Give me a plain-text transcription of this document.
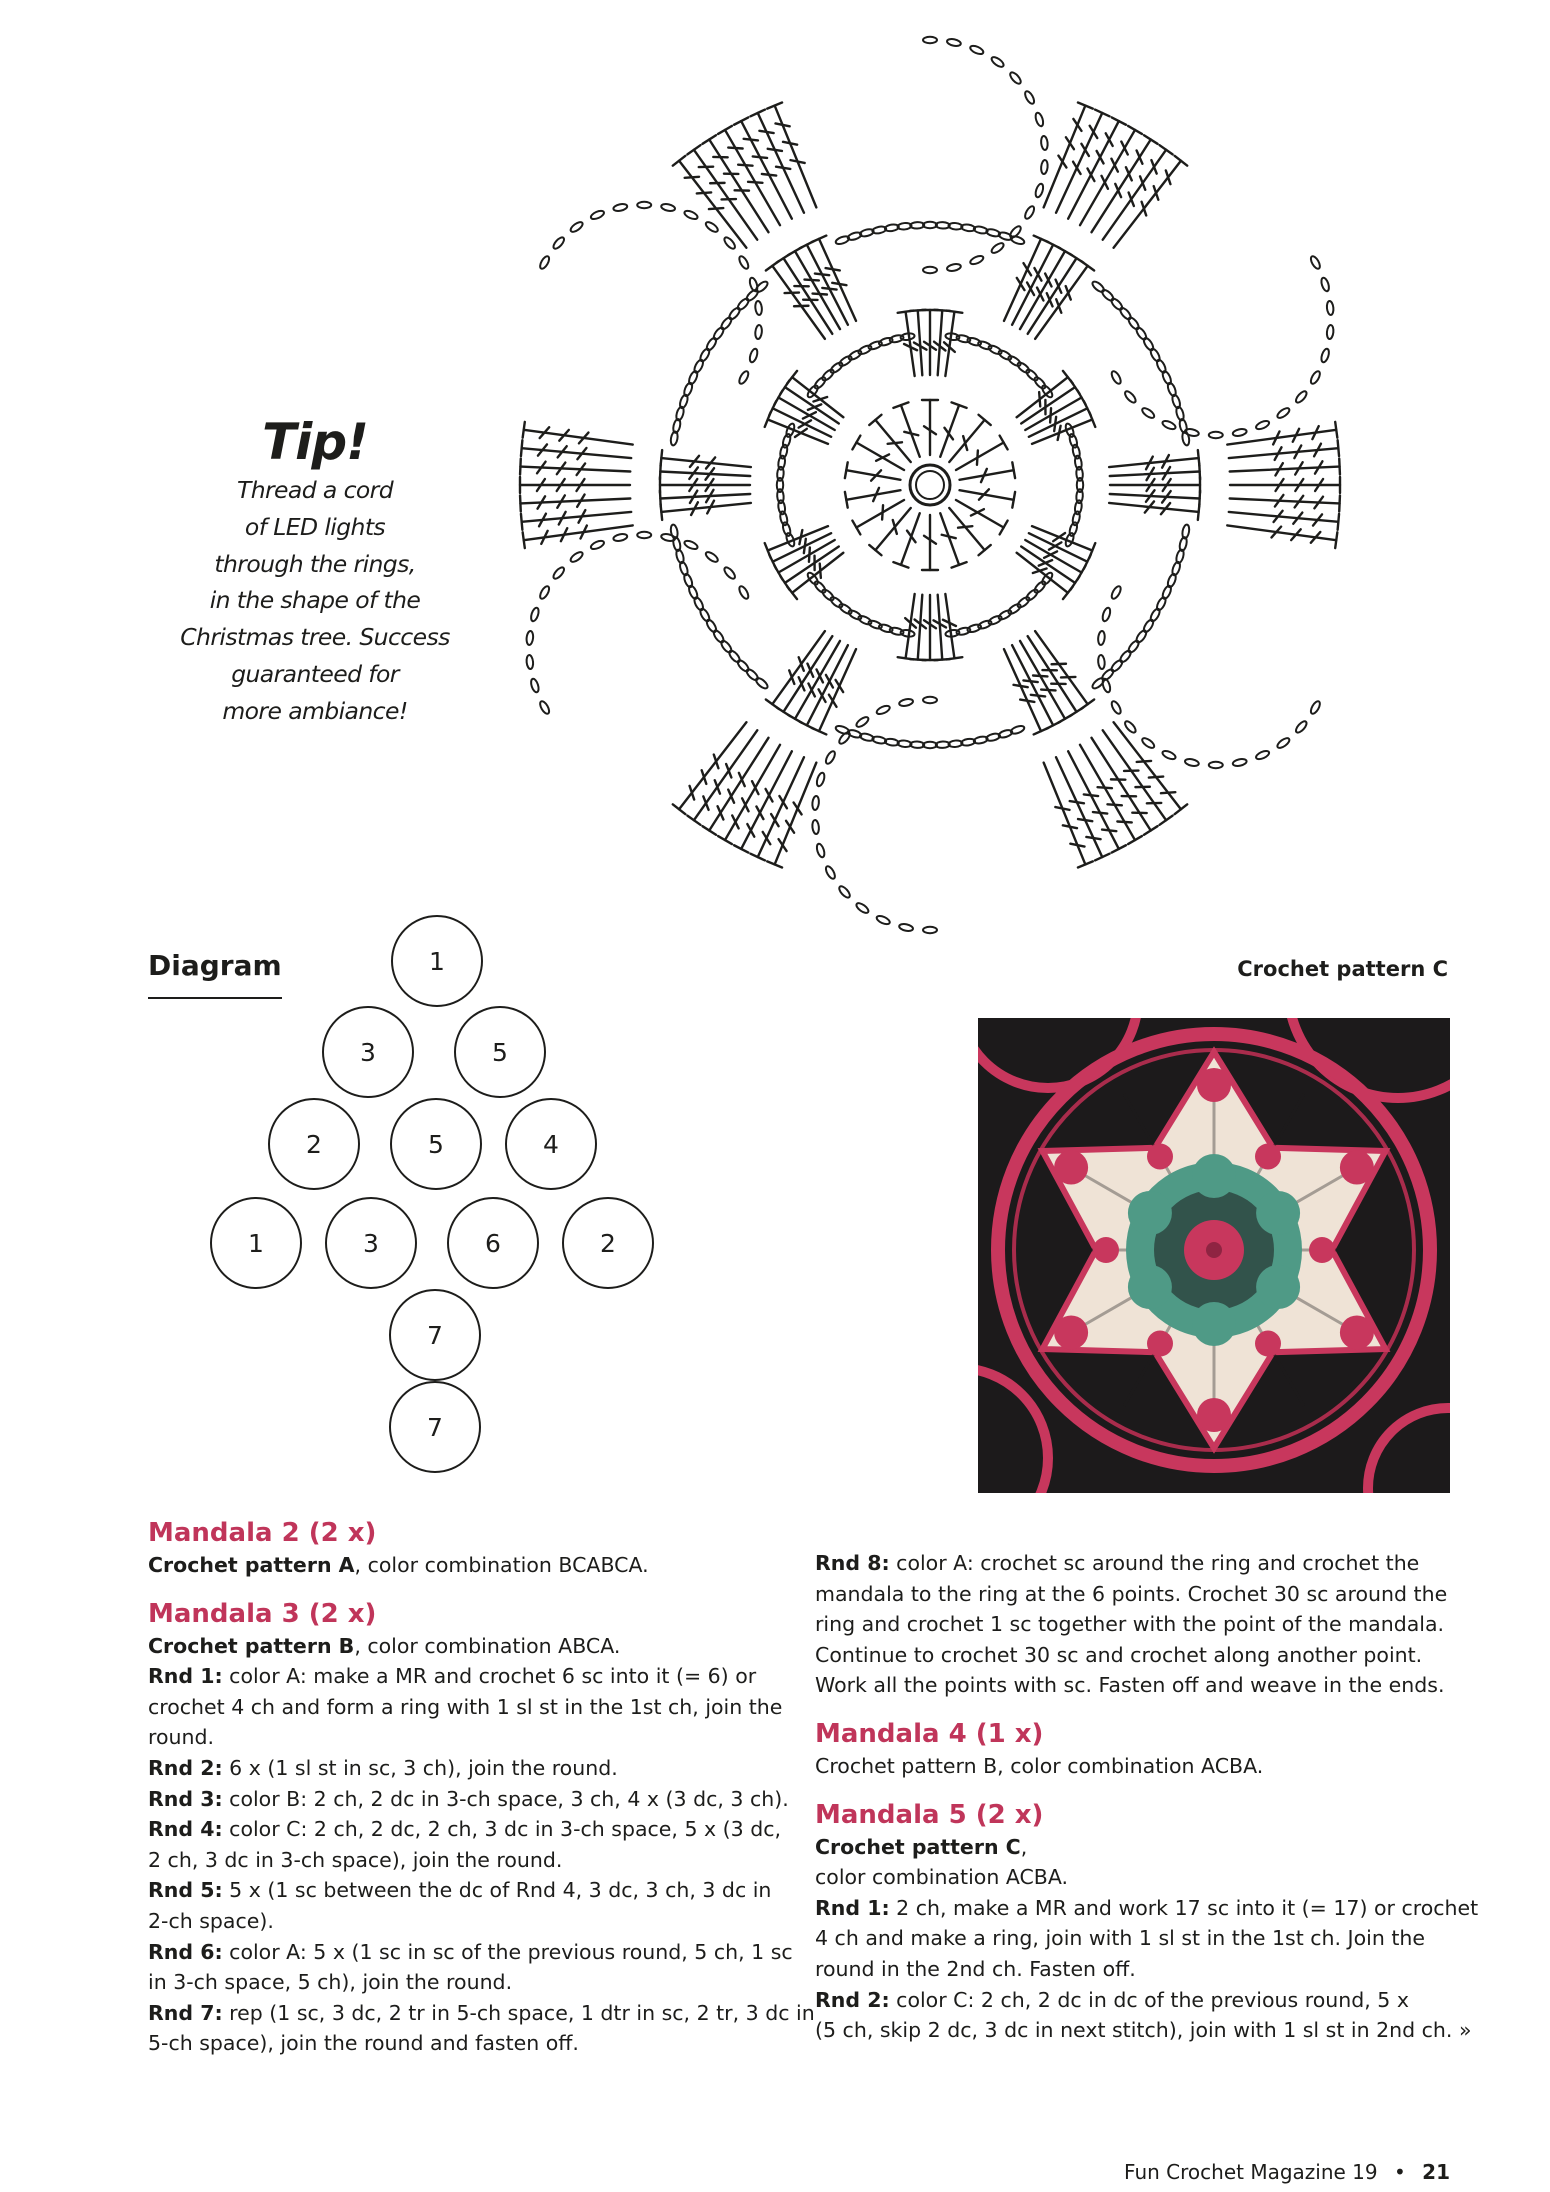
Tip!
Thread a cord
of LED lights
through the rings,
in the shape of the
Christmas tree. Success
guaranteed for
more ambiance!
Diagram	1
3	5
2	5	4
1	3	6	2
7
7
Crochet pattern C
Mandala 2 (2 x)

Crochet pattern A, color combination BCABCA.

Mandala 3 (2 x)

Crochet pattern B, color combination ABCA.

Rnd 1: color A: make a MR and crochet 6 sc into it (= 6) or

crochet 4 ch and form a ring with 1 sl st in the 1st ch, join the

round.

Rnd 2: 6 x (1 sl st in sc, 3 ch), join the round.

Rnd 3: color B: 2 ch, 2 dc in 3-ch space, 3 ch, 4 x (3 dc, 3 ch).

Rnd 4: color C: 2 ch, 2 dc, 2 ch, 3 dc in 3-ch space, 5 x (3 dc,

2 ch, 3 dc in 3-ch space), join the round.

Rnd 5: 5 x (1 sc between the dc of Rnd 4, 3 dc, 3 ch, 3 dc in

2-ch space).

Rnd 6: color A: 5 x (1 sc in sc of the previous round, 5 ch, 1 sc

in 3-ch space, 5 ch), join the round.

Rnd 7: rep (1 sc, 3 dc, 2 tr in 5-ch space, 1 dtr in sc, 2 tr, 3 dc in

5-ch space), join the round and fasten off.

Rnd 8: color A: crochet sc around the ring and crochet the

mandala to the ring at the 6 points. Crochet 30 sc around the

ring and crochet 1 sc together with the point of the mandala.

Continue to crochet 30 sc and crochet along another point.

Work all the points with sc. Fasten off and weave in the ends.

Mandala 4 (1 x)

Crochet pattern B, color combination ACBA.

Mandala 5 (2 x)

Crochet pattern C,

color combination ACBA.

Rnd 1: 2 ch, make a MR and work 17 sc into it (= 17) or crochet

4 ch and make a ring, join with 1 sl st in the 1st ch. Join the

round in the 2nd ch. Fasten off.

Rnd 2: color C: 2 ch, 2 dc in dc of the previous round, 5 x

(5 ch, skip 2 dc, 3 dc in next stitch), join with 1 sl st in 2nd ch. »

Fun Crochet Magazine 19 • 21
